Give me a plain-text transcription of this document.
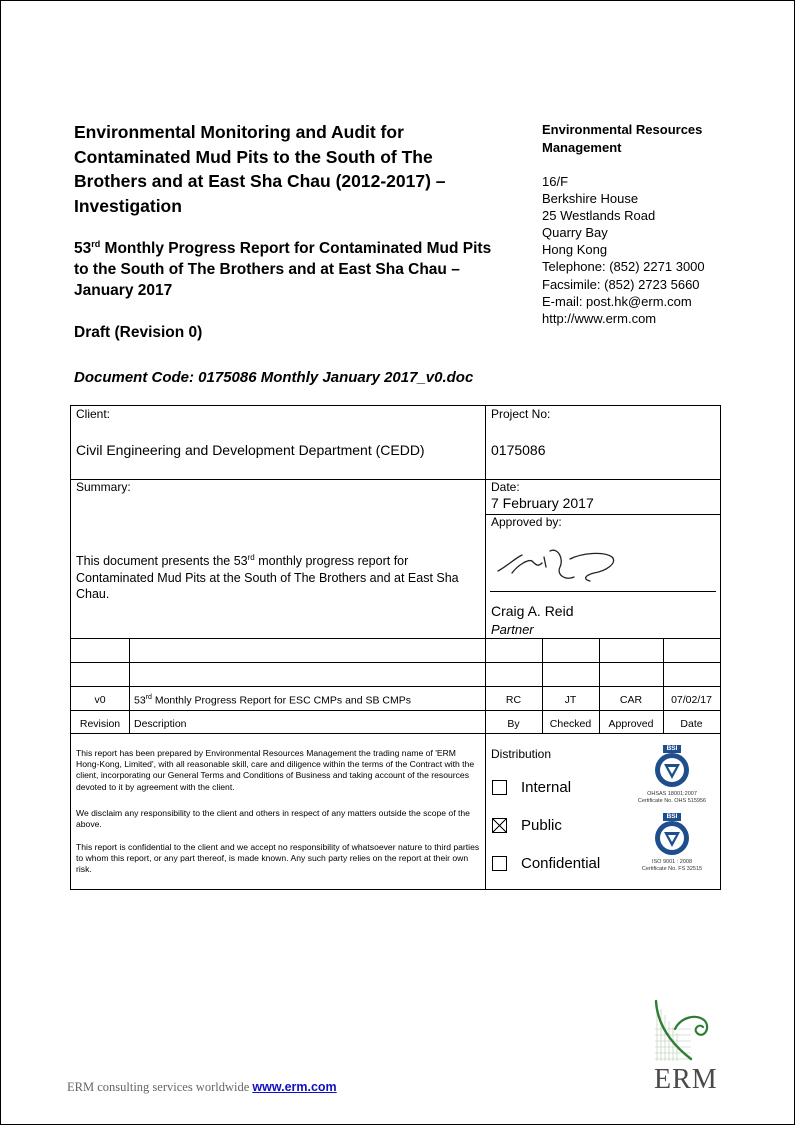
Environmental Monitoring and Audit for Contaminated Mud Pits to the South of The Brothers and at East Sha Chau (2012-2017) – Investigation
53rd Monthly Progress Report for Contaminated Mud Pits to the South of The Brothers and at East Sha Chau – January 2017
Draft (Revision 0)
Document Code: 0175086 Monthly January 2017_v0.doc
Environmental Resources Management
16/F
Berkshire House
25 Westlands Road
Quarry Bay
Hong Kong
Telephone: (852) 2271 3000
Facsimile: (852) 2723 5660
E-mail: post.hk@erm.com
http://www.erm.com
Client:
Civil Engineering and Development Department (CEDD)
Project No:
0175086
Summary:
This document presents the 53rd monthly progress report for Contaminated Mud Pits at the South of The Brothers and at East Sha Chau.
Date:
7 February 2017
Approved by:
Craig A. Reid
Partner
v0	53rd Monthly Progress Report for ESC CMPs and SB CMPs	RC	JT	CAR	07/02/17
Revision	Description	By	Checked	Approved	Date
This report has been prepared by Environmental Resources Management the trading name of 'ERM Hong-Kong, Limited', with all reasonable skill, care and diligence within the terms of the Contract with the client, incorporating our General Terms and Conditions of Business and taking account of the resources devoted to it by agreement with the client.
We disclaim any responsibility to the client and others in respect of any matters outside the scope of the above.
This report is confidential to the client and we accept no responsibility of whatsoever nature to third parties to whom this report, or any part thereof, is made known. Any such party relies on the report at their own risk.
Distribution
Internal
Public
Confidential
BSI
OHSAS 18001:2007
Certificate No. OHS 515956
BSI
ISO 9001 : 2008
Certificate No. FS 32515
ERM consulting services worldwide www.erm.com	ERM
